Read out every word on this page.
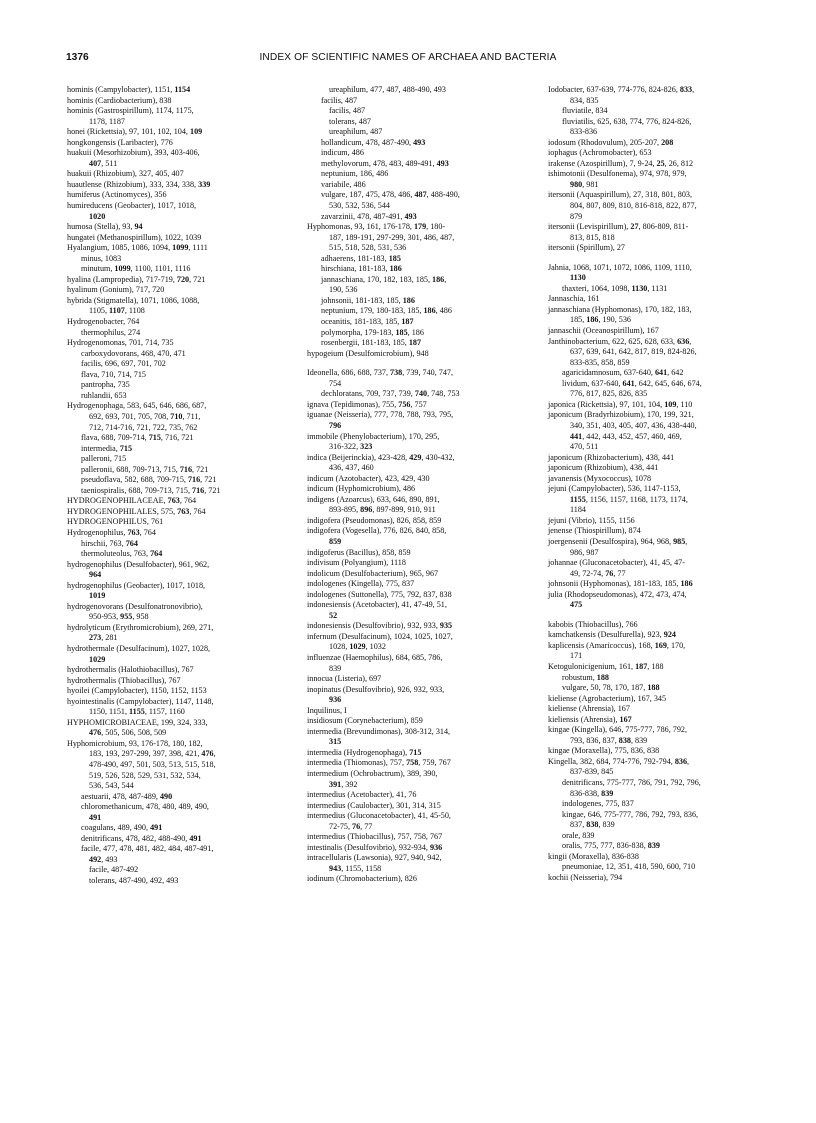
1376	INDEX OF SCIENTIFIC NAMES OF ARCHAEA AND BACTERIA
hominis (Campylobacter), 1151, 1154
hominis (Cardiobacterium), 838
hominis (Gastrospirillum), 1174, 1175,
1178, 1187
honei (Rickettsia), 97, 101, 102, 104, 109
hongkongensis (Laribacter), 776
huakuii (Mesorhizobium), 393, 403-406,
407, 511
huakuii (Rhizobium), 327, 405, 407
huautlense (Rhizobium), 333, 334, 338, 339
humiferus (Actinomyces), 356
humireducens (Geobacter), 1017, 1018,
1020
humosa (Stella), 93, 94
hungatei (Methanospirillum), 1022, 1039
Hyalangium, 1085, 1086, 1094, 1099, 1111
minus, 1083
minutum, 1099, 1100, 1101, 1116
hyalina (Lampropedia), 717-719, 720, 721
hyalinum (Gonium), 717, 720
hybrida (Stigmatella), 1071, 1086, 1088,
1105, 1107, 1108
Hydrogenobacter, 764
thermophilus, 274
Hydrogenomonas, 701, 714, 735
carboxydovorans, 468, 470, 471
facilis, 696, 697, 701, 702
flava, 710, 714, 715
pantropha, 735
ruhlandii, 653
Hydrogenophaga, 583, 645, 646, 686, 687,
692, 693, 701, 705, 708, 710, 711,
712, 714-716, 721, 722, 735, 762
flava, 688, 709-714, 715, 716, 721
intermedia, 715
palleroni, 715
palleronii, 688, 709-713, 715, 716, 721
pseudoflava, 582, 688, 709-715, 716, 721
taeniospiralis, 688, 709-713, 715, 716, 721
HYDROGENOPHILACEAE, 763, 764
HYDROGENOPHILALES, 575, 763, 764
HYDROGENOPHILUS, 761
Hydrogenophilus, 763, 764
hirschii, 763, 764
thermoluteolus, 763, 764
hydrogenophilus (Desulfobacter), 961, 962,
964
hydrogenophilus (Geobacter), 1017, 1018,
1019
hydrogenovorans (Desulfonatronovibrio),
950-953, 955, 958
hydrolyticum (Erythromicrobium), 269, 271,
273, 281
hydrothermale (Desulfacinum), 1027, 1028,
1029
hydrothermalis (Halothiobacillus), 767
hydrothermalis (Thiobacillus), 767
hyoilei (Campylobacter), 1150, 1152, 1153
hyointestinalis (Campylobacter), 1147, 1148,
1150, 1151, 1155, 1157, 1160
HYPHOMICROBIACEAE, 199, 324, 333,
476, 505, 506, 508, 509
Hyphomicrobium, 93, 176-178, 180, 182,
183, 193, 297-299, 397, 398, 421, 476,
478-490, 497, 501, 503, 513, 515, 518,
519, 526, 528, 529, 531, 532, 534,
536, 543, 544
aestuarii, 478, 487-489, 490
chloromethanicum, 478, 480, 489, 490,
491
coagulans, 489, 490, 491
denitrificans, 478, 482, 488-490, 491
facile, 477, 478, 481, 482, 484, 487-491,
492, 493
facile, 487-492
tolerans, 487-490, 492, 493
ureaphilum, 477, 487, 488-490, 493
facilis, 487
facilis, 487
tolerans, 487
ureaphilum, 487
hollandicum, 478, 487-490, 493
indicum, 486
methylovorum, 478, 483, 489-491, 493
neptunium, 186, 486
variabile, 486
vulgare, 187, 475, 478, 486, 487, 488-490,
530, 532, 536, 544
zavarzinii, 478, 487-491, 493
Hyphomonas, 93, 161, 176-178, 179, 180-
187, 189-191, 297-299, 301, 486, 487,
515, 518, 528, 531, 536
adhaerens, 181-183, 185
hirschiana, 181-183, 186
jannaschiana, 170, 182, 183, 185, 186,
190, 536
johnsonii, 181-183, 185, 186
neptunium, 179, 180-183, 185, 186, 486
oceanitis, 181-183, 185, 187
polymorpha, 179-183, 185, 186
rosenbergii, 181-183, 185, 187
hypogeium (Desulfomicrobium), 948
Ideonella, 686, 688, 737, 738, 739, 740, 747,
754
dechloratans, 709, 737, 739, 740, 748, 753
ignava (Tepidimonas), 755, 756, 757
iguanae (Neisseria), 777, 778, 788, 793, 795,
796
immobile (Phenylobacterium), 170, 295,
316-322, 323
indica (Beijerinckia), 423-428, 429, 430-432,
436, 437, 460
indicum (Azotobacter), 423, 429, 430
indicum (Hyphomicrobium), 486
indigens (Azoarcus), 633, 646, 890, 891,
893-895, 896, 897-899, 910, 911
indigofera (Pseudomonas), 826, 858, 859
indigofera (Vogesella), 776, 826, 840, 858,
859
indigoferus (Bacillus), 858, 859
indivisum (Polyangium), 1118
indolicum (Desulfobacterium), 965, 967
indologenes (Kingella), 775, 837
indologenes (Suttonella), 775, 792, 837, 838
indonesiensis (Acetobacter), 41, 47-49, 51,
52
indonesiensis (Desulfovibrio), 932, 933, 935
infernum (Desulfacinum), 1024, 1025, 1027,
1028, 1029, 1032
influenzae (Haemophilus), 684, 685, 786,
839
innocua (Listeria), 697
inopinatus (Desulfovibrio), 926, 932, 933,
936
Inquilinus, I
insidiosum (Corynebacterium), 859
intermedia (Brevundimonas), 308-312, 314,
315
intermedia (Hydrogenophaga), 715
intermedia (Thiomonas), 757, 758, 759, 767
intermedium (Ochrobactrum), 389, 390,
391, 392
intermedius (Acetobacter), 41, 76
intermedius (Caulobacter), 301, 314, 315
intermedius (Gluconacetobacter), 41, 45-50,
72-75, 76, 77
intermedius (Thiobacillus), 757, 758, 767
intestinalis (Desulfovibrio), 932-934, 936
intracellularis (Lawsonia), 927, 940, 942,
943, 1155, 1158
iodinum (Chromobacterium), 826
Iodobacter, 637-639, 774-776, 824-826, 833,
834, 835
fluviatile, 834
fluviatilis, 625, 638, 774, 776, 824-826,
833-836
iodosum (Rhodovulum), 205-207, 208
iophagus (Achromobacter), 653
irakense (Azospirillum), 7, 9-24, 25, 26, 812
ishimotonii (Desulfonema), 974, 978, 979,
980, 981
itersonii (Aquaspirillum), 27, 318, 801, 803,
804, 807, 809, 810, 816-818, 822, 877,
879
itersonii (Levispirillum), 27, 806-809, 811-
813, 815, 818
itersonii (Spirillum), 27
Jahnia, 1068, 1071, 1072, 1086, 1109, 1110,
1130
thaxteri, 1064, 1098, 1130, 1131
Jannaschia, 161
jannaschiana (Hyphomonas), 170, 182, 183,
185, 186, 190, 536
jannaschii (Oceanospirillum), 167
Janthinobacterium, 622, 625, 628, 633, 636,
637, 639, 641, 642, 817, 819, 824-826,
833-835, 858, 859
agaricidamnosum, 637-640, 641, 642
lividum, 637-640, 641, 642, 645, 646, 674,
776, 817, 825, 826, 835
japonica (Rickettsia), 97, 101, 104, 109, 110
japonicum (Bradyrhizobium), 170, 199, 321,
340, 351, 403, 405, 407, 436, 438-440,
441, 442, 443, 452, 457, 460, 469,
470, 511
japonicum (Rhizobacterium), 438, 441
japonicum (Rhizobium), 438, 441
javanensis (Myxococcus), 1078
jejuni (Campylobacter), 536, 1147-1153,
1155, 1156, 1157, 1168, 1173, 1174,
1184
jejuni (Vibrio), 1155, 1156
jenense (Thiospirillum), 874
joergensenii (Desulfospira), 964, 968, 985,
986, 987
johannae (Gluconacetobacter), 41, 45, 47-
49, 72-74, 76, 77
johnsonii (Hyphomonas), 181-183, 185, 186
julia (Rhodopseudomonas), 472, 473, 474,
475
kabobis (Thiobacillus), 766
kamchatkensis (Desulfurella), 923, 924
kaplicensis (Amaricoccus), 168, 169, 170,
171
Ketogulonicigenium, 161, 187, 188
robustum, 188
vulgare, 50, 78, 170, 187, 188
kieliense (Agrobacterium), 167, 345
kieliense (Ahrensia), 167
kieliensis (Ahrensia), 167
kingae (Kingella), 646, 775-777, 786, 792,
793, 836, 837, 838, 839
kingae (Moraxella), 775, 836, 838
Kingella, 382, 684, 774-776, 792-794, 836,
837-839, 845
denitrificans, 775-777, 786, 791, 792, 796,
836-838, 839
indologenes, 775, 837
kingae, 646, 775-777, 786, 792, 793, 836,
837, 838, 839
orale, 839
oralis, 775, 777, 836-838, 839
kingii (Moraxella), 836-838
pneumoniae, 12, 351, 418, 590, 600, 710
kochii (Neisseria), 794
